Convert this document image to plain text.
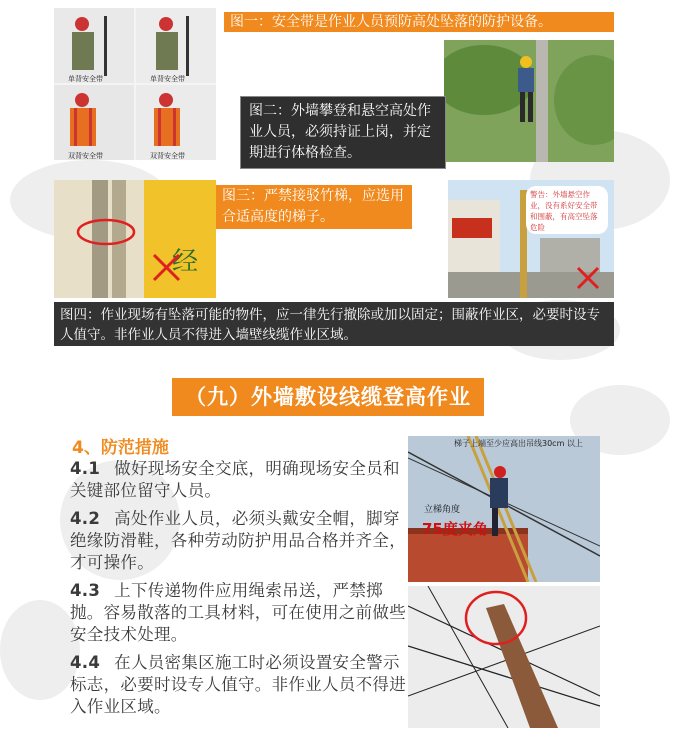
单背安全带	单背安全带
双背安全带	双背安全带
图一：安全带是作业人员预防高处坠落的防护设备。
图二：外墙攀登和悬空高处作业人员，必须持证上岗，并定期进行体格检查。
经
图三：严禁接驳竹梯，应选用合适高度的梯子。
警告：外墙悬空作业，没有系好安全带和围蔽，有高空坠落危险
图四：作业现场有坠落可能的物件，应一律先行撤除或加以固定；围蔽作业区，必要时设专人值守。非作业人员不得进入墙壁线缆作业区域。
（九）外墙敷设线缆登高作业
4、防范措施
4.1 做好现场安全交底，明确现场安全员和关键部位留守人员。
4.2 高处作业人员，必须头戴安全帽，脚穿绝缘防滑鞋，各种劳动防护用品合格并齐全，才可操作。
4.3 上下传递物件应用绳索吊送，严禁掷抛。容易散落的工具材料，可在使用之前做些安全技术处理。
4.4 在人员密集区施工时必须设置安全警示标志，必要时设专人值守。非作业人员不得进入作业区域。
梯子上端至少应高出吊线30cm 以上
立梯角度
75度夹角
